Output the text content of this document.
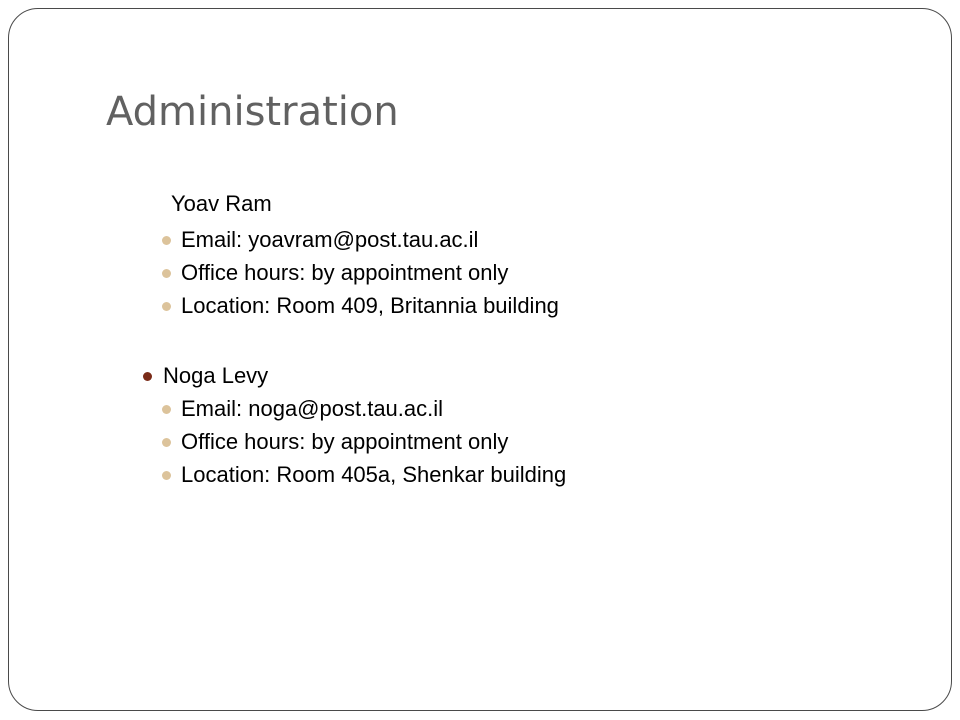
Administration
Yoav Ram
Email: yoavram@post.tau.ac.il
Office hours: by appointment only
Location: Room 409, Britannia building
Noga Levy
Email: noga@post.tau.ac.il
Office hours: by appointment only
Location: Room 405a, Shenkar building
